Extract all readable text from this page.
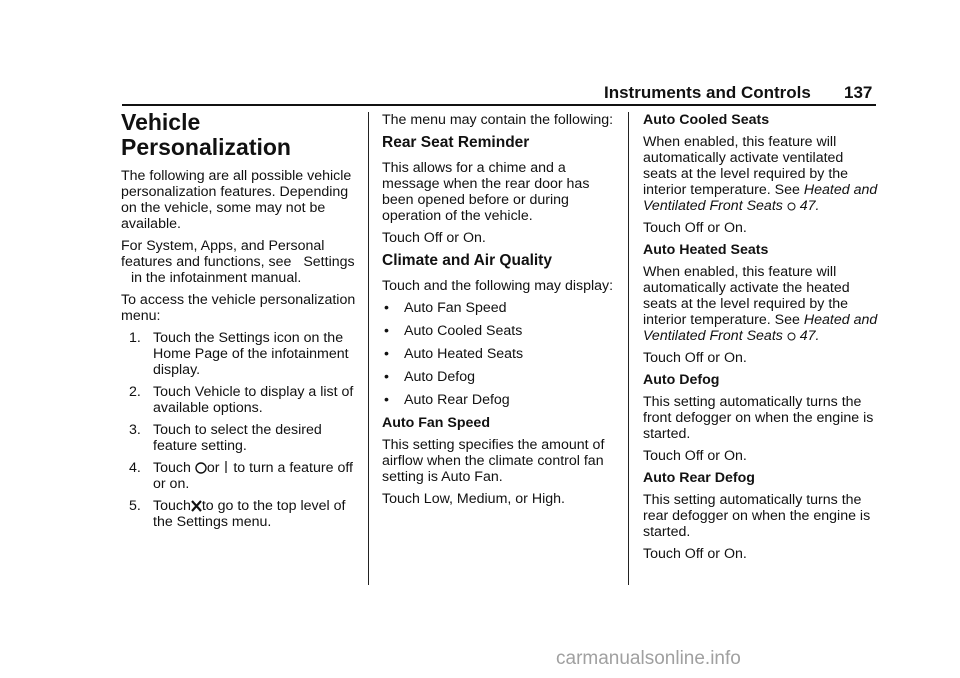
Instruments and Controls 137
Vehicle
Personalization

The following are all possible vehicle personalization features. Depending on the vehicle, some may not be available.

For System, Apps, and Personal features and functions, see Settings in the infotainment manual.

To access the vehicle personalization menu:

1. Touch the Settings icon on the Home Page of the infotainment display.
2. Touch Vehicle to display a list of available options.
3. Touch to select the desired feature setting.
4. Touch or to turn a feature off or on.
5. Touch to go to the top level of the Settings menu.

The menu may contain the following:

Rear Seat Reminder

This allows for a chime and a message when the rear door has been opened before or during operation of the vehicle.

Touch Off or On.

Climate and Air Quality

Touch and the following may display:

• Auto Fan Speed
• Auto Cooled Seats
• Auto Heated Seats
• Auto Defog
• Auto Rear Defog

Auto Fan Speed

This setting specifies the amount of airflow when the climate control fan setting is Auto Fan.

Touch Low, Medium, or High.

Auto Cooled Seats

When enabled, this feature will automatically activate ventilated seats at the level required by the interior temperature. See Heated and Ventilated Front Seats 47.

Touch Off or On.

Auto Heated Seats

When enabled, this feature will automatically activate the heated seats at the level required by the interior temperature. See Heated and Ventilated Front Seats 47.

Touch Off or On.

Auto Defog

This setting automatically turns the front defogger on when the engine is started.

Touch Off or On.

Auto Rear Defog

This setting automatically turns the rear defogger on when the engine is started.

Touch Off or On.

carmanualsonline.info
